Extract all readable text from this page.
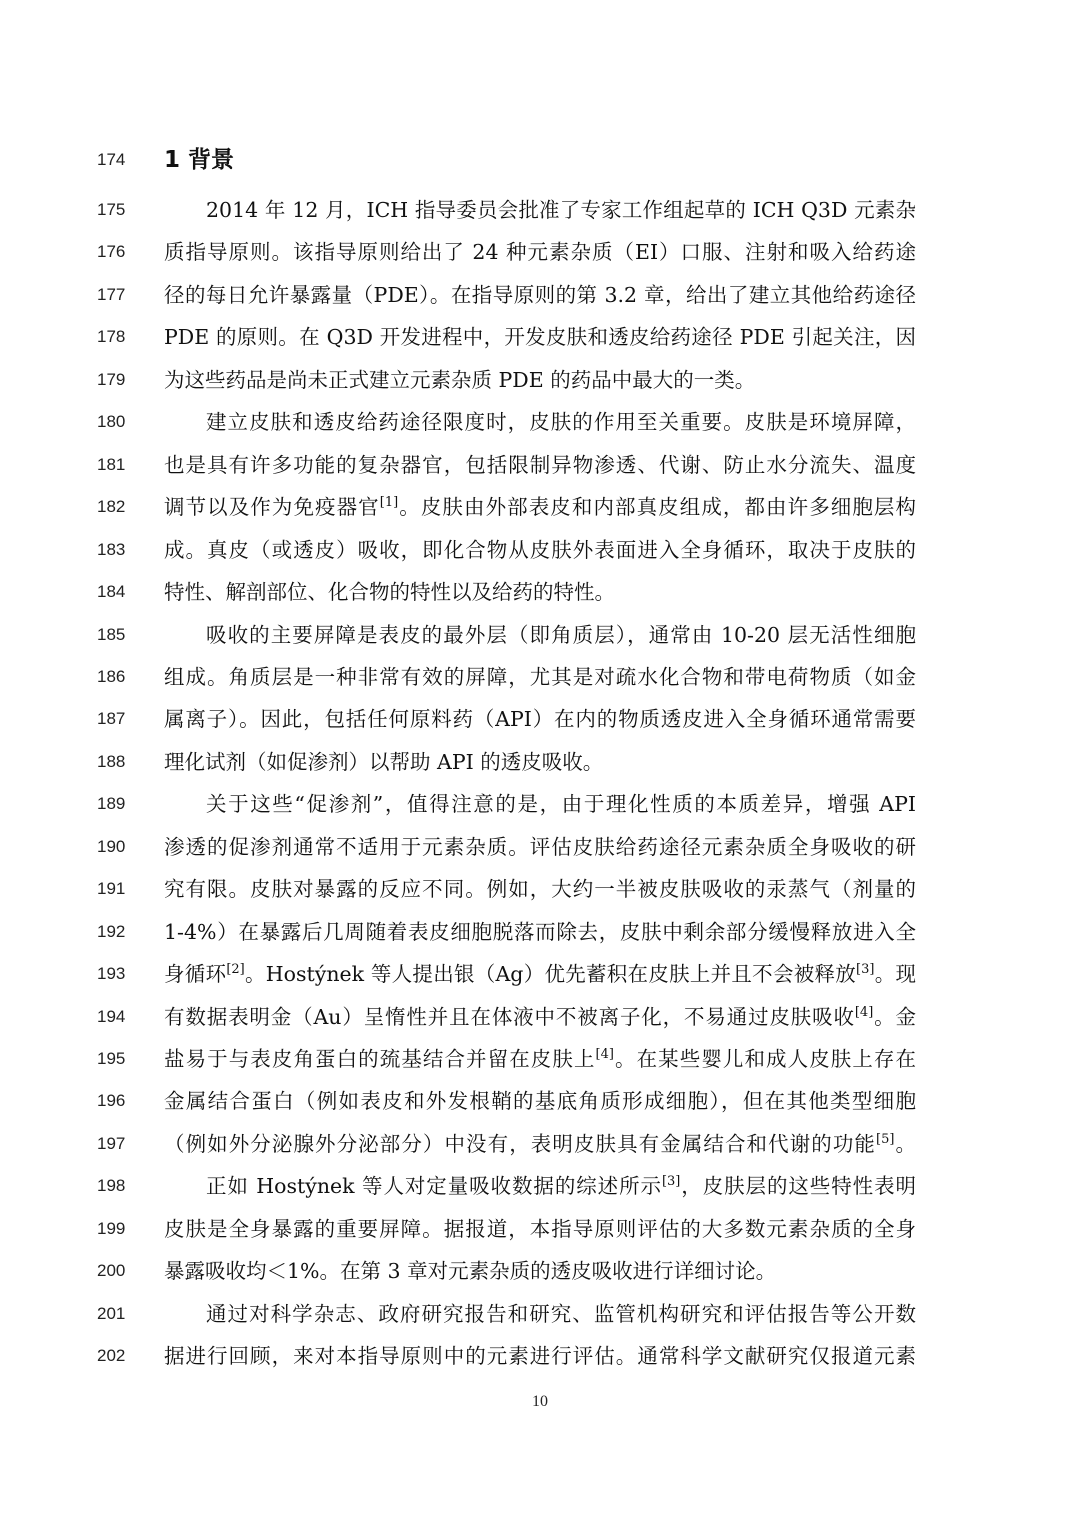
174	1 背景
175	2014 年 12 月，ICH 指导委员会批准了专家工作组起草的 ICH Q3D 元素杂
176	质指导原则。该指导原则给出了 24 种元素杂质（EI）口服、注射和吸入给药途
177	径的每日允许暴露量（PDE）。在指导原则的第 3.2 章，给出了建立其他给药途径
178	PDE 的原则。在 Q3D 开发进程中，开发皮肤和透皮给药途径 PDE 引起关注，因
179	为这些药品是尚未正式建立元素杂质 PDE 的药品中最大的一类。
180	建立皮肤和透皮给药途径限度时，皮肤的作用至关重要。皮肤是环境屏障，
181	也是具有许多功能的复杂器官，包括限制异物渗透、代谢、防止水分流失、温度
182	调节以及作为免疫器官[1]。皮肤由外部表皮和内部真皮组成，都由许多细胞层构
183	成。真皮（或透皮）吸收，即化合物从皮肤外表面进入全身循环，取决于皮肤的
184	特性、解剖部位、化合物的特性以及给药的特性。
185	吸收的主要屏障是表皮的最外层（即角质层），通常由 10-20 层无活性细胞
186	组成。角质层是一种非常有效的屏障，尤其是对疏水化合物和带电荷物质（如金
187	属离子）。因此，包括任何原料药（API）在内的物质透皮进入全身循环通常需要
188	理化试剂（如促渗剂）以帮助 API 的透皮吸收。
189	关于这些“促渗剂”，值得注意的是，由于理化性质的本质差异，增强 API
190	渗透的促渗剂通常不适用于元素杂质。评估皮肤给药途径元素杂质全身吸收的研
191	究有限。皮肤对暴露的反应不同。例如，大约一半被皮肤吸收的汞蒸气（剂量的
192	1-4%）在暴露后几周随着表皮细胞脱落而除去，皮肤中剩余部分缓慢释放进入全
193	身循环[2]。Hostýnek 等人提出银（Ag）优先蓄积在皮肤上并且不会被释放[3]。现
194	有数据表明金（Au）呈惰性并且在体液中不被离子化，不易通过皮肤吸收[4]。金
195	盐易于与表皮角蛋白的巯基结合并留在皮肤上[4]。在某些婴儿和成人皮肤上存在
196	金属结合蛋白（例如表皮和外发根鞘的基底角质形成细胞），但在其他类型细胞
197	（例如外分泌腺外分泌部分）中没有，表明皮肤具有金属结合和代谢的功能[5]。
198	正如 Hostýnek 等人对定量吸收数据的综述所示[3]，皮肤层的这些特性表明
199	皮肤是全身暴露的重要屏障。据报道，本指导原则评估的大多数元素杂质的全身
200	暴露吸收均＜1%。在第 3 章对元素杂质的透皮吸收进行详细讨论。
201	通过对科学杂志、政府研究报告和研究、监管机构研究和评估报告等公开数
202	据进行回顾，来对本指导原则中的元素进行评估。通常科学文献研究仅报道元素
10
